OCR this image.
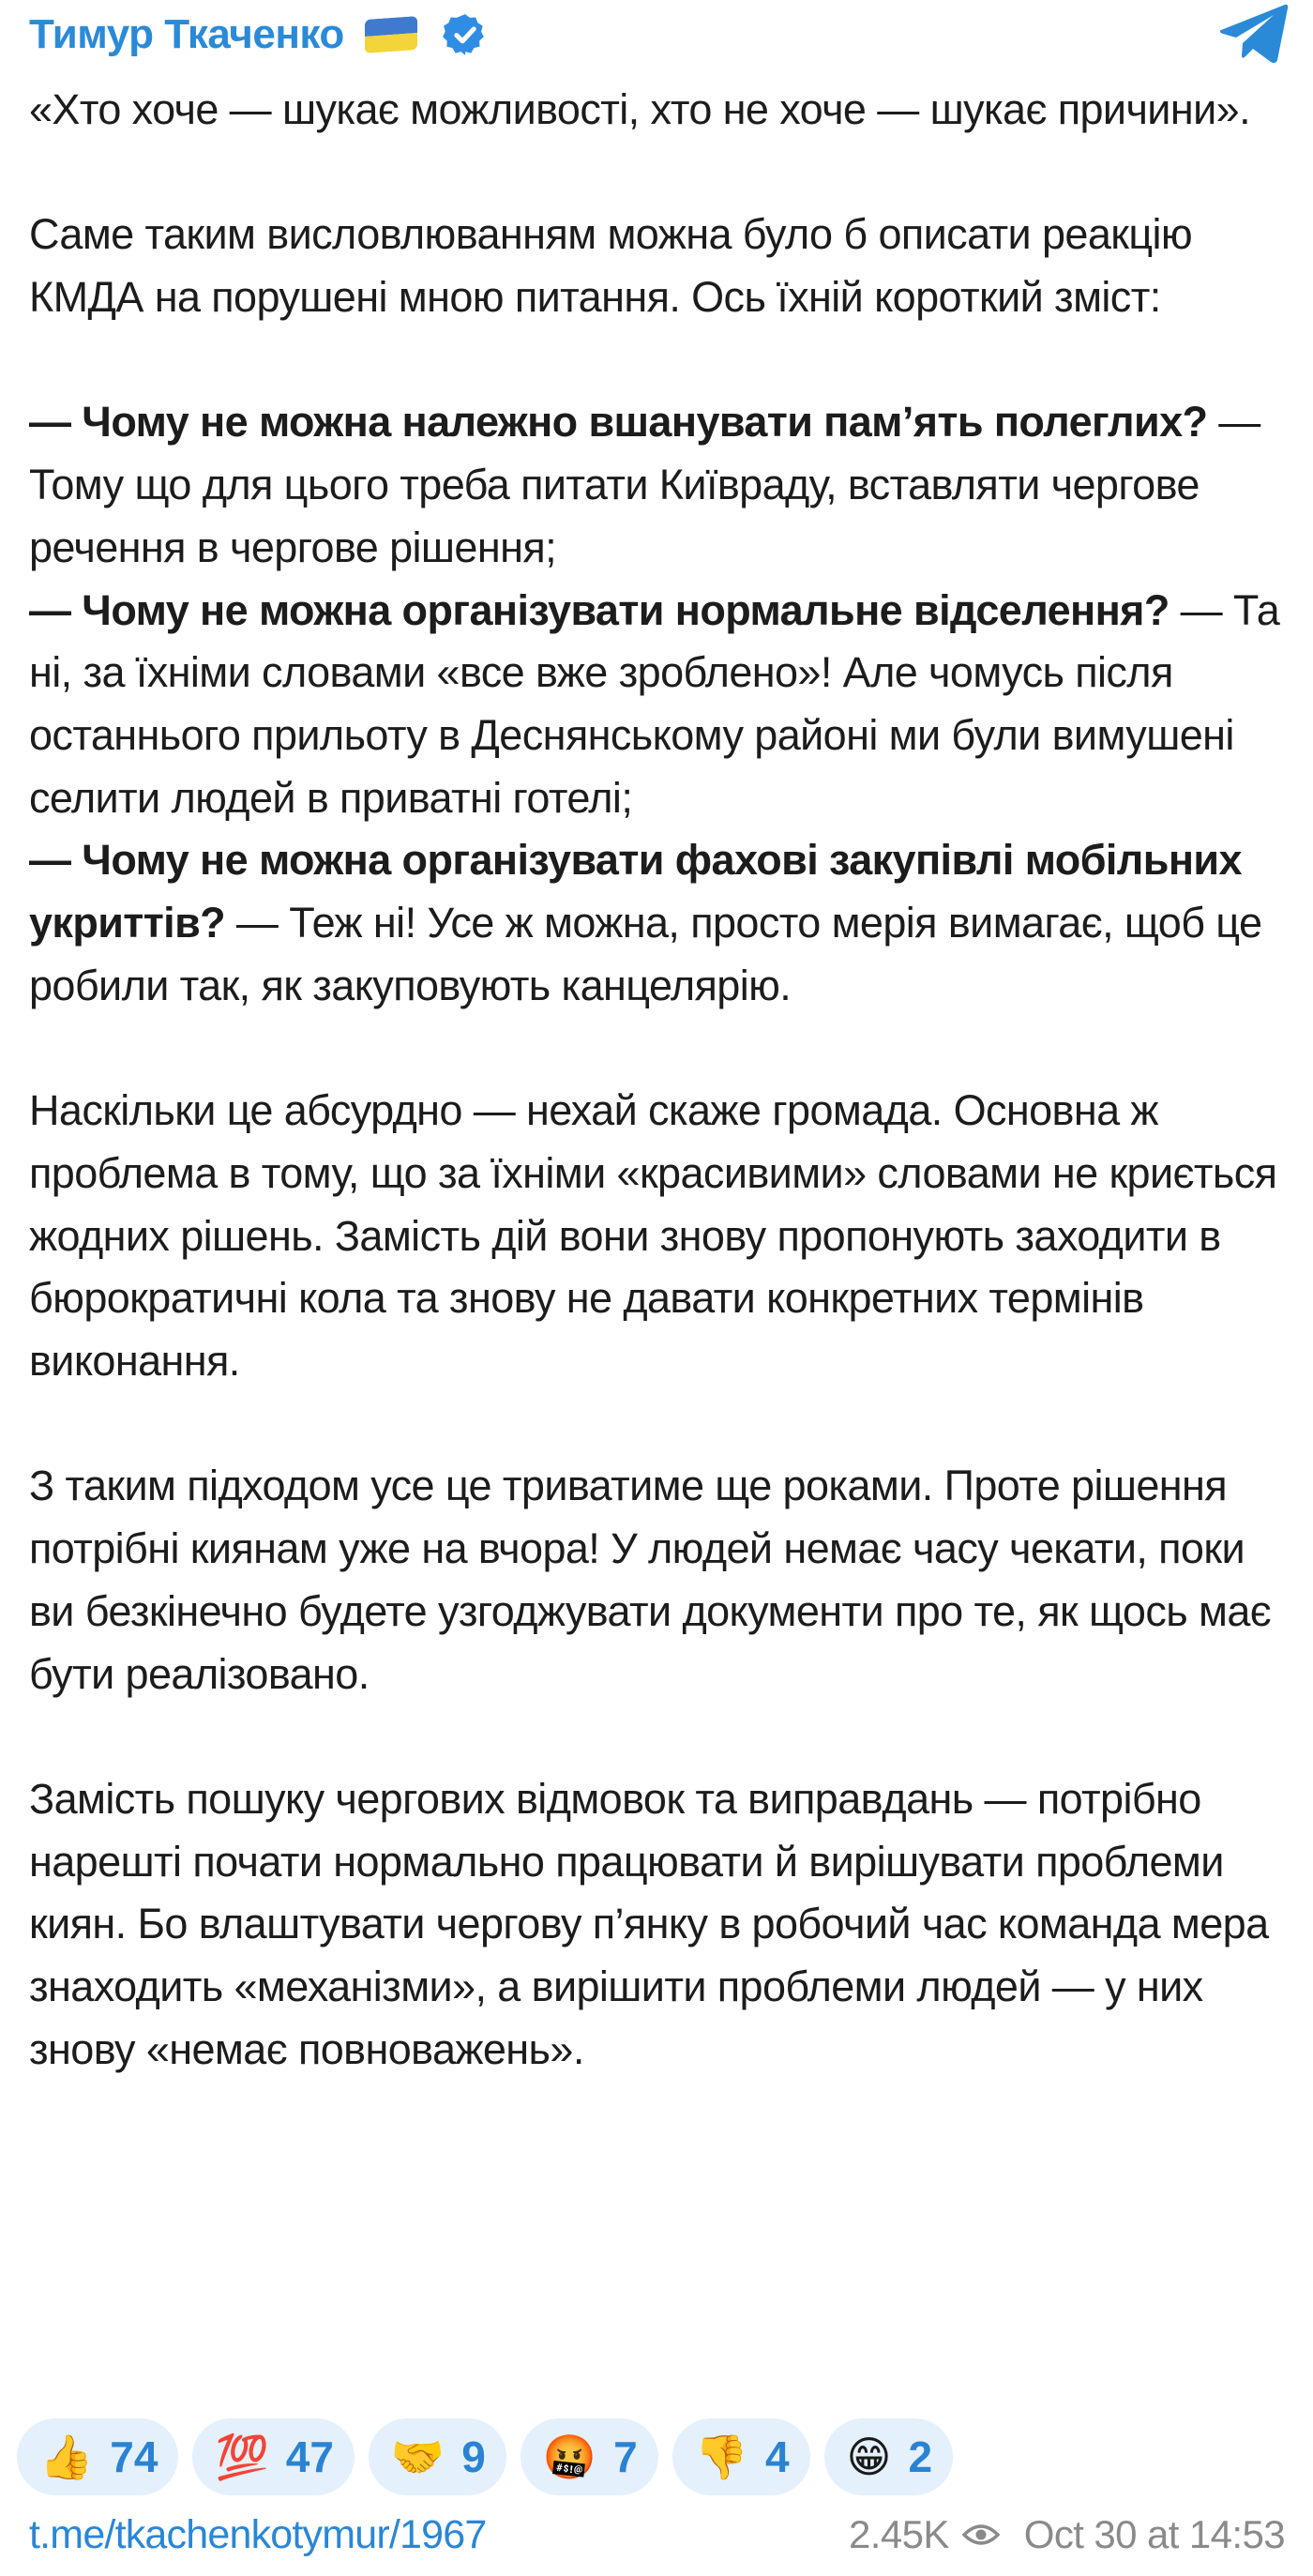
Тимур Ткаченко

«Хто хоче — шукає можливості, хто не хоче — шукає причини».

Саме таким висловлюванням можна було б описати реакцію КМДА на порушені мною питання. Ось їхній короткий зміст:

— Чому не можна належно вшанувати пам’ять полеглих? — Тому що для цього треба питати Київраду, вставляти чергове речення в чергове рішення;

— Чому не можна організувати нормальне відселення? — Та ні, за їхніми словами «все вже зроблено»! Але чомусь після останнього прильоту в Деснянському районі ми були вимушені селити людей в приватні готелі;

— Чому не можна організувати фахові закупівлі мобільних укриттів? — Теж ні! Усе ж можна, просто мерія вимагає, щоб це робили так, як закуповують канцелярію.

Наскільки це абсурдно — нехай скаже громада. Основна ж проблема в тому, що за їхніми «красивими» словами не криється жодних рішень. Замість дій вони знову пропонують заходити в бюрократичні кола та знову не давати конкретних термінів виконання.

З таким підходом усе це триватиме ще роками. Проте рішення потрібні киянам уже на вчора! У людей немає часу чекати, поки ви безкінечно будете узгоджувати документи про те, як щось має бути реалізовано.

Замість пошуку чергових відмовок та виправдань — потрібно нарешті почати нормально працювати й вирішувати проблеми киян. Бо влаштувати чергову п’янку в робочий час команда мера знаходить «механізми», а вирішити проблеми людей — у них знову «немає повноважень».

👍 74 💯 47 🤝 9 🤬 7 👎 4 😁 2
t.me/tkachenkotymur/1967	2.45K Oct 30 at 14:53
